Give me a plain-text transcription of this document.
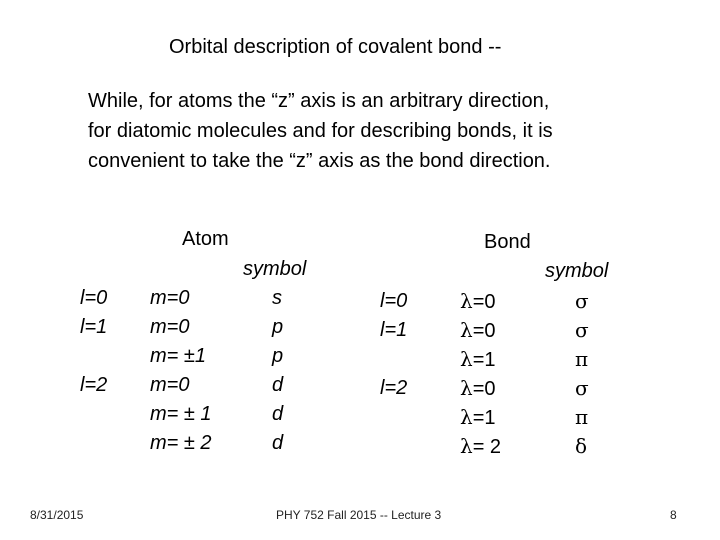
Orbital description of covalent bond --
While, for atoms the “z” axis is an arbitrary direction,
for diatomic molecules and for describing bonds, it is
convenient to take the “z” axis as the bond direction.
Atom
symbol
l=0
l=1
l=2
m=0
m=0
m= ±1
m=0
m= ± 1
m= ± 2
s
p
p
d
d
d
Bond
symbol
l=0
l=1
l=2
λ=0
λ=0
λ=1
λ=0
λ=1
λ= 2
σ
σ
π
σ
π
δ
8/31/2015	PHY 752 Fall 2015 -- Lecture 3	8
